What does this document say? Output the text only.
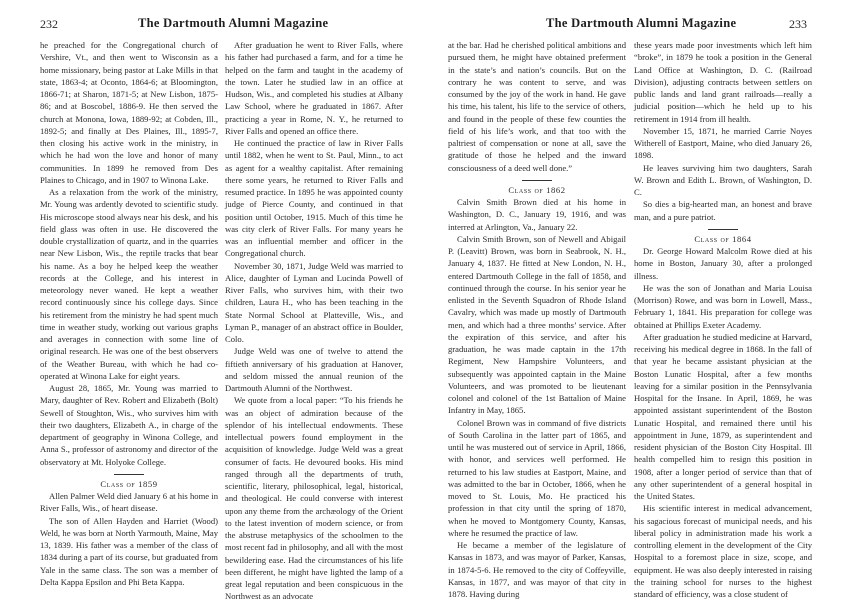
232	The Dartmouth Alumni Magazine

he preached for the Congregational church of Vershire, Vt., and then went to Wisconsin as a home missionary, being pastor at Lake Mills in that state, 1863-4; at Oconto, 1864-6; at Bloomington, 1866-71; at Sharon, 1871-5; at New Lisbon, 1875-86; and at Boscobel, 1886-9. He then served the church at Monona, Iowa, 1889-92; at Cobden, Ill., 1892-5; and finally at Des Plaines, Ill., 1895-7, then closing his active work in the ministry, in which he had won the love and honor of many communities. In 1899 he removed from Des Plaines to Chicago, and in 1907 to Winona Lake.

As a relaxation from the work of the ministry, Mr. Young was ardently devoted to scientific study. His microscope stood always near his desk, and his field glass was often in use. He discovered the double crystallization of quartz, and in the quarries near New Lisbon, Wis., the reptile tracks that bear his name. As a boy he helped keep the weather records at the College, and his interest in meteorology never waned. He kept a weather record continuously since his college days. Since his retirement from the ministry he had spent much time in weather study, working out various graphs and averages in connection with some line of original research. He was one of the best observers of the Weather Bureau, with which he had co-operated at Winona Lake for eight years.

August 28, 1865, Mr. Young was married to Mary, daughter of Rev. Robert and Elizabeth (Bolt) Sewell of Stoughton, Wis., who survives him with their two daughters, Elizabeth A., in charge of the department of geography in Winona College, and Anna S., professor of astronomy and director of the observatory at Mt. Holyoke College.

Class of 1859

Allen Palmer Weld died January 6 at his home in River Falls, Wis., of heart disease.

The son of Allen Hayden and Harriet (Wood) Weld, he was born at North Yarmouth, Maine, May 13, 1839. His father was a member of the class of 1834 during a part of its course, but graduated from Yale in the same class. The son was a member of Delta Kappa Epsilon and Phi Beta Kappa.

After graduation he went to River Falls, where his father had purchased a farm, and for a time he helped on the farm and taught in the academy of the town. Later he studied law in an office at Hudson, Wis., and completed his studies at Albany Law School, where he graduated in 1867. After practicing a year in Rome, N. Y., he returned to River Falls and opened an office there.

He continued the practice of law in River Falls until 1882, when he went to St. Paul, Minn., to act as agent for a wealthy capitalist. After remaining there some years, he returned to River Falls and resumed practice. In 1895 he was appointed county judge of Pierce County, and continued in that position until October, 1915. Much of this time he was city clerk of River Falls. For many years he was an influential member and officer in the Congregational church.

November 30, 1871, Judge Weld was married to Alice, daughter of Lyman and Lucinda Powell of River Falls, who survives him, with their two children, Laura H., who has been teaching in the State Normal School at Platteville, Wis., and Lyman P., manager of an abstract office in Boulder, Colo.

Judge Weld was one of twelve to attend the fiftieth anniversary of his graduation at Hanover, and seldom missed the annual reunion of the Dartmouth Alumni of the Northwest.

We quote from a local paper: “To his friends he was an object of admiration because of the splendor of his intellectual endowments. These intellectual powers found employment in the acquisition of knowledge. Judge Weld was a great consumer of facts. He devoured books. His mind ranged through all the departments of truth, scientific, literary, philosophical, legal, historical, and theological. He could converse with interest upon any theme from the archæology of the Orient to the latest invention of modern science, or from the abstruse metaphysics of the schoolmen to the most recent fad in philosophy, and all with the most bewildering ease. Had the circumstances of his life been different, he might have lighted the lamp of a great legal reputation and been conspicuous in the Northwest as an advocate

The Dartmouth Alumni Magazine	233

at the bar. Had he cherished political ambitions and pursued them, he might have obtained preferment in the state’s and nation’s councils. But on the contrary he was content to serve, and was consumed by the joy of the work in hand. He gave his time, his talent, his life to the service of others, and found in the people of these few counties the field of his life’s work, and that too with the paltriest of compensation or none at all, save the gratitude of those he helped and the inward consciousness of a deed well done.”

Class of 1862

Calvin Smith Brown died at his home in Washington, D. C., January 19, 1916, and was interred at Arlington, Va., January 22.

Calvin Smith Brown, son of Newell and Abigail P. (Leavitt) Brown, was born in Seabrook, N. H., January 4, 1837. He fitted at New London, N. H., entered Dartmouth College in the fall of 1858, and continued through the course. In his senior year he enlisted in the Seventh Squadron of Rhode Island Cavalry, which was made up mostly of Dartmouth men, and which had a three months’ service. After the expiration of this service, and after his graduation, he was made captain in the 17th Regiment, New Hampshire Volunteers, and subsequently was appointed captain in the Maine Volunteers, and was promoted to be lieutenant colonel and colonel of the 1st Battalion of Maine Infantry in May, 1865.

Colonel Brown was in command of five districts of South Carolina in the latter part of 1865, and until he was mustered out of service in April, 1866, with honor, and services well performed. He returned to his law studies at Eastport, Maine, and was admitted to the bar in October, 1866, when he moved to St. Louis, Mo. He practiced his profession in that city until the spring of 1870, when he moved to Montgomery County, Kansas, where he resumed the practice of law.

He became a member of the legislature of Kansas in 1873, and was mayor of Parker, Kansas, in 1874-5-6. He removed to the city of Coffeyville, Kansas, in 1877, and was mayor of that city in 1878. Having during

these years made poor investments which left him “broke”, in 1879 he took a position in the General Land Office at Washington, D. C. (Railroad Division), adjusting contracts between settlers on public lands and land grant railroads—really a judicial position—which he held up to his retirement in 1914 from ill health.

November 15, 1871, he married Carrie Noyes Witherell of Eastport, Maine, who died January 26, 1898.

He leaves surviving him two daughters, Sarah W. Brown and Edith L. Brown, of Washington, D. C.

So dies a big-hearted man, an honest and brave man, and a pure patriot.

Class of 1864

Dr. George Howard Malcolm Rowe died at his home in Boston, January 30, after a prolonged illness.

He was the son of Jonathan and Maria Louisa (Morrison) Rowe, and was born in Lowell, Mass., February 1, 1841. His preparation for college was obtained at Phillips Exeter Academy.

After graduation he studied medicine at Harvard, receiving his medical degree in 1868. In the fall of that year he became assistant physician at the Boston Lunatic Hospital, after a few months leaving for a similar position in the Pennsylvania Hospital for the Insane. In April, 1869, he was appointed assistant superintendent of the Boston Lunatic Hospital, and remained there until his appointment in June, 1879, as superintendent and resident physician of the Boston City Hospital. Ill health compelled him to resign this position in 1908, after a longer period of service than that of any other superintendent of a general hospital in the United States.

His scientific interest in medical advancement, his sagacious forecast of municipal needs, and his liberal policy in administration made his work a controlling element in the development of the City Hospital to a foremost place in size, scope, and equipment. He was also deeply interested in raising the training school for nurses to the highest standard of efficiency, was a close student of
